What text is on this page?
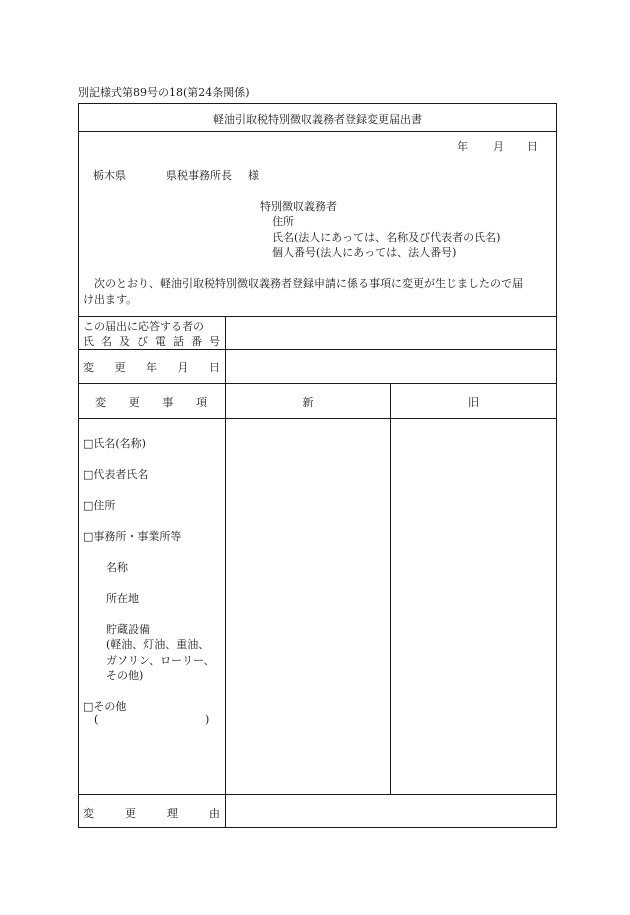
別記様式第89号の18(第24条関係)
軽油引取税特別徴収義務者登録変更届出書
年 月 日
栃木県	県税事務所長 様
特別徴収義務者
住所
氏名(法人にあっては、名称及び代表者の氏名)
個人番号(法人にあっては、法人番号)
次のとおり、軽油引取税特別徴収義務者登録申請に係る事項に変更が生じましたので届
け出ます。
この届出に応答する者の
氏 名 及 び 電 話 番 号
変 更 年 月 日
変 更 事 項	新	旧
□氏名(名称)
□代表者氏名
□住所
□事務所・事業所等
名称
所在地
貯蔵設備
(軽油、灯油、重油、
ガソリン、ローリー、
その他)
□その他
(	)
変	更	理	由
